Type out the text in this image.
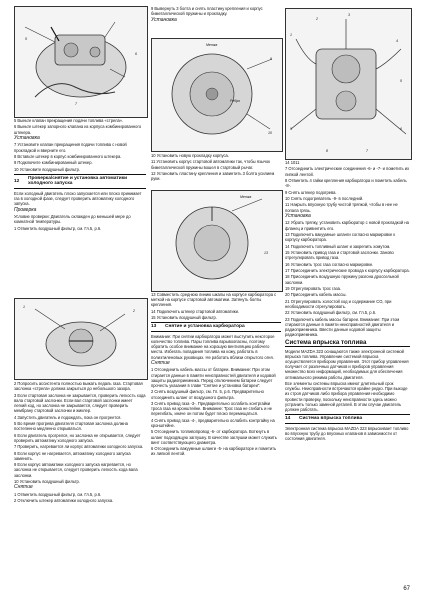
5
6
7

5 Выньте клапан прекращения подачи топлива «стрела».

6 Выньте штекер запорного клапана из корпуса комбинированного штекера.

Установка

7 Установите клапан прекращения подачи топлива с новой прокладкой и вверните его.

8 Вставьте штекер в корпус комбинированного штекера.

9 Подключите комбинированный штекер.

10 Установите воздушный фильтр.

12
Проверка/снятие и установка автоматики холодного запуска

Если холодный двигатель плохо запускается или плохо принимает газ в холодной фазе, следует проверить автоматику холодного запуска.

Проверка

Условие проверки: Двигатель охлажден до меньшей мере до комнатной температуры.

1 Отвинтить воздушный фильтр, см. Гл.5, р.6.

1
2

2 Попросить ассистента полностью выжать педаль газа. Стартовая заслонка «стрела» должна закрыться до небольшого зазора.

3 Если стартовая заслонка не закрывается, проверить легкость хода вала стартовой заслонки. Если вал стартовой заслонки имеет легкий ход, но заслонка не закрывается, следует проверить мембрану стартовой заслонки и жиклер.

4 Запустить двигатель и подождать, пока он прогреется.

5 Во время прогрева двигателя стартовая заслонка должна постепенно медленно открываться.

6 Если двигатель прогрелся, но заслонка не открывается, следует проверить автоматику холодного запуска.

7 Проверить, нагревается ли корпус автоматики холодного запуска.

8 Если корпус не нагревается, автоматику холодного запуска заменить.

9 Если корпус автоматики холодного запуска нагревается, но заслонка не открывается, следует проверить легкость хода вала заслонки.

10 Установить воздушный фильтр.

Снятие

1 Отвинтить воздушный фильтр, см. Гл.5, р.6.

2 Отключить штекер автоматики холодного запуска.

9 Вывернуть 3 болта и снять пластину крепления и корпус биметаллической пружины и прокладку.

Установка

Метка
Ребро
9
10

10 Установить новую прокладку корпуса.

11 Установить корпус стартовой автоматики так, чтобы язычок биметаллической пружины вошел в стартовый рычаг.

12 Установить пластину крепления и завинтить 3 болта усилием руки.

Метка
13

13 Совместить среднюю линию шкалы на корпусе карбюратора с меткой на корпусе стартовой автоматики. Затянуть болты крепления.

14 Подключить штекер стартовой автоматики.

15 Установить воздушный фильтр.

13	Снятие и установка карбюратора

Внимание: При снятии карбюратора может выступить некоторое количество топлива. Пары топлива взрывоопасны, поэтому обратить особое внимание на хорошую вентиляцию рабочего места. Избегать попадания топлива на кожу, работать в полиэтиленовых руковицах. Не работать вблизи открытого огня.

Снятие

1 Отсоединить кабель массы от батареи. Внимание: При этом стирается данные в памяти неисправностей двигателя и кодовой защиты радиоприемника. Перед отключением батареи следует прочесть указания в главе "Снятие и установка батареи".

2 Снять воздушный фильтр, см. Гл. 5, р.6. Предварительно отсоединить шланг от воздушного фильтра.

3 Снять привод газа -3-. Предварительно ослабить контргайки троса газа на кронштейне. Внимание: Трос газа не сгибать и не перегибать, иначе он потом будет плохо перемещаться.

4 Снять привод газа -4-, предварительно ослабить контргайку на кронштейне.

5 Отсоединить топливопровод -6- от карбюратора. Воткнуть в шланг подходящую заглушку. В качестве заглушки может служить винт соответствующего диаметра.

6 Отсоединить вакуумные шланги -5- на карбюраторе и пометить их липкой лентой.

1
2
3
4
5
6
7
8
9

14 1011

7 Отсоединить электрические соединения -6- и -7- и пометить их липкой лентой.

8 Отвинтить 4 гайки крепления карбюратора и пометить кабель -8-.

9 Снять штекер подогрева.

10 Снять подогреватель -9- в последний.

11 Накрыть впускную трубу чистой тряпкой, чтобы в нее не попала грязь.

Установка

12 Убрать тряпку, установить карбюратор с новой прокладкой на фланец и привинтить его.

13 Подключить вакуумные шланги согласно маркировке к корпусу карбюратора.

14 Подключить топливный шланг и закрепить хомутом.

15 Установить привод газа и стартовой заслонки. Заново отрегулировать привод газа.

16 Установить трос газа согласно маркировке.

17 Присоединить электрические провода к корпусу карбюратора.

18 Присоединить воздушную пружину разгона дроссельной заслонки.

19 Отрегулировать трос газа.

20 Присоединить кабель массы.

21 Отрегулировать холостой ход и содержание CO, при необходимости отрегулировать.

22 Установить воздушный фильтр, см. Гл.5, р.6.

23 Подключить кабель массы батареи. Внимание: При этом стираются данные в памяти неисправностей двигателя и радиоприемника. Ввести данные кодовой защиты радиоприемника.

Система впрыска топлива

Модели MAZDA 323 оснащаются также электронной системой впрыска топлива. Управление системой впрыска осуществляется прибором управления. Этот прибор управления получает от различных датчиков и приборов управления множество всех информаций, необходимых для обеспечения оптимального режима работы двигателя.

Все элементы системы впрыска имеют длительный срок службы. Неисправности встречаются крайне редко. При выходе из строя датчиков либо прибора управления необходимо провести проверку, поскольку неисправности здесь можно устранить только заменой деталей. В этом случае двигатель должен работать.

14	Система впрыска топлива

Электронная система впрыска MAZDA 323 впрыскивает топливо во впускную трубу до впускных клапанов в зависимости от состояния двигателя.

67
